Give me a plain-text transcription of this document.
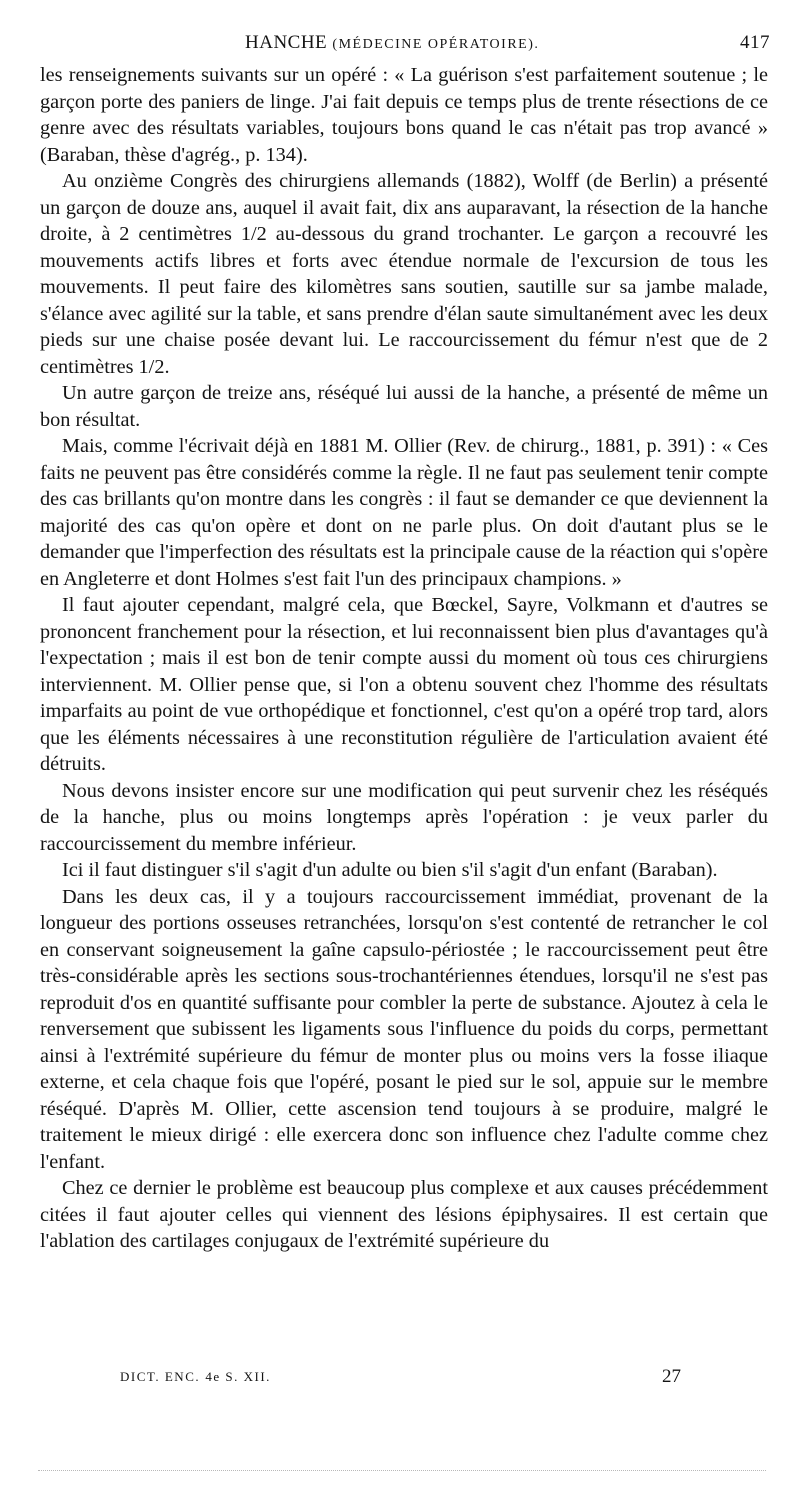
HANCHE (MÉDECINE OPÉRATOIRE).	417

les renseignements suivants sur un opéré : « La guérison s'est parfaitement soutenue ; le garçon porte des paniers de linge. J'ai fait depuis ce temps plus de trente résections de ce genre avec des résultats variables, toujours bons quand le cas n'était pas trop avancé » (Baraban, thèse d'agrég., p. 134).

Au onzième Congrès des chirurgiens allemands (1882), Wolff (de Berlin) a présenté un garçon de douze ans, auquel il avait fait, dix ans auparavant, la résection de la hanche droite, à 2 centimètres 1/2 au-dessous du grand trochanter. Le garçon a recouvré les mouvements actifs libres et forts avec étendue normale de l'excursion de tous les mouvements. Il peut faire des kilomètres sans soutien, sautille sur sa jambe malade, s'élance avec agilité sur la table, et sans prendre d'élan saute simultanément avec les deux pieds sur une chaise posée devant lui. Le raccourcissement du fémur n'est que de 2 centimètres 1/2.

Un autre garçon de treize ans, réséqué lui aussi de la hanche, a présenté de même un bon résultat.

Mais, comme l'écrivait déjà en 1881 M. Ollier (Rev. de chirurg., 1881, p. 391) : « Ces faits ne peuvent pas être considérés comme la règle. Il ne faut pas seulement tenir compte des cas brillants qu'on montre dans les congrès : il faut se demander ce que deviennent la majorité des cas qu'on opère et dont on ne parle plus. On doit d'autant plus se le demander que l'imperfection des résultats est la principale cause de la réaction qui s'opère en Angleterre et dont Holmes s'est fait l'un des principaux champions. »

Il faut ajouter cependant, malgré cela, que Bœckel, Sayre, Volkmann et d'autres se prononcent franchement pour la résection, et lui reconnaissent bien plus d'avantages qu'à l'expectation ; mais il est bon de tenir compte aussi du moment où tous ces chirurgiens interviennent. M. Ollier pense que, si l'on a obtenu souvent chez l'homme des résultats imparfaits au point de vue orthopédique et fonctionnel, c'est qu'on a opéré trop tard, alors que les éléments nécessaires à une reconstitution régulière de l'articulation avaient été détruits.

Nous devons insister encore sur une modification qui peut survenir chez les réséqués de la hanche, plus ou moins longtemps après l'opération : je veux parler du raccourcissement du membre inférieur.

Ici il faut distinguer s'il s'agit d'un adulte ou bien s'il s'agit d'un enfant (Baraban).

Dans les deux cas, il y a toujours raccourcissement immédiat, provenant de la longueur des portions osseuses retranchées, lorsqu'on s'est contenté de retrancher le col en conservant soigneusement la gaîne capsulo-périostée ; le raccourcissement peut être très-considérable après les sections sous-trochantériennes étendues, lorsqu'il ne s'est pas reproduit d'os en quantité suffisante pour combler la perte de substance. Ajoutez à cela le renversement que subissent les ligaments sous l'influence du poids du corps, permettant ainsi à l'extrémité supérieure du fémur de monter plus ou moins vers la fosse iliaque externe, et cela chaque fois que l'opéré, posant le pied sur le sol, appuie sur le membre réséqué. D'après M. Ollier, cette ascension tend toujours à se produire, malgré le traitement le mieux dirigé : elle exercera donc son influence chez l'adulte comme chez l'enfant.

Chez ce dernier le problème est beaucoup plus complexe et aux causes précédemment citées il faut ajouter celles qui viennent des lésions épiphysaires. Il est certain que l'ablation des cartilages conjugaux de l'extrémité supérieure du

DICT. ENC. 4e S. XII.	27
